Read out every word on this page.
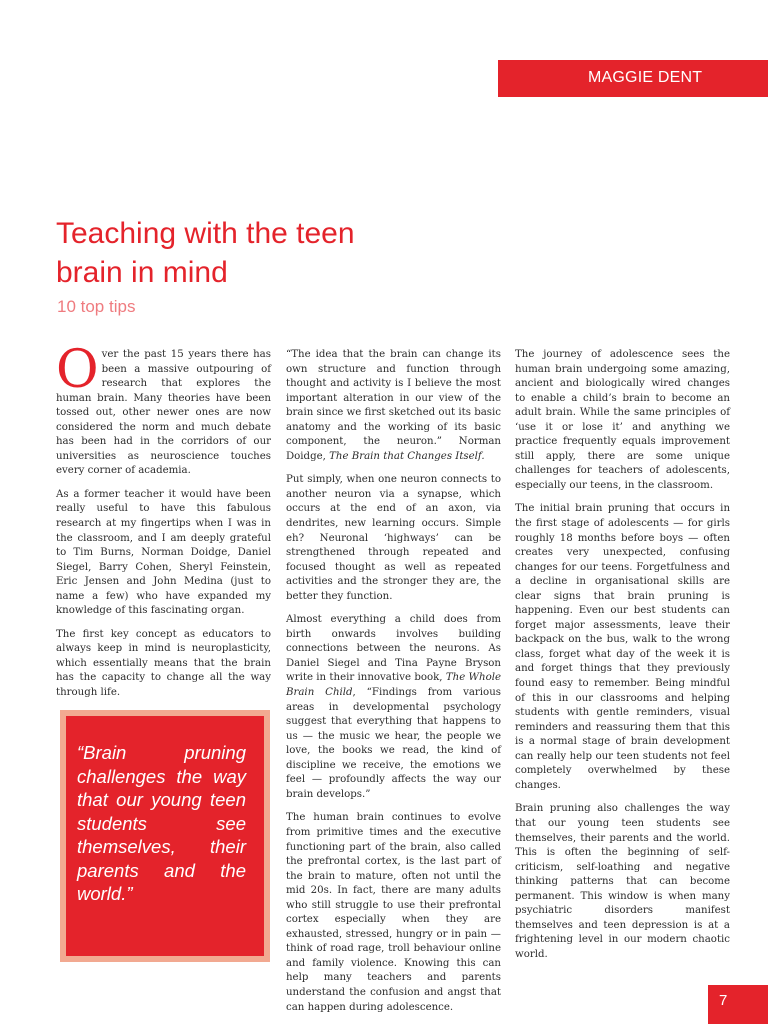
MAGGIE DENT
Teaching with the teen brain in mind
10 top tips

Over the past 15 years there has been a massive outpouring of research that explores the human brain. Many theories have been tossed out, other newer ones are now considered the norm and much debate has been had in the corridors of our universities as neuroscience touches every corner of academia.

As a former teacher it would have been really useful to have this fabulous research at my fingertips when I was in the classroom, and I am deeply grateful to Tim Burns, Norman Doidge, Daniel Siegel, Barry Cohen, Sheryl Feinstein, Eric Jensen and John Medina (just to name a few) who have expanded my knowledge of this fascinating organ.

The first key concept as educators to always keep in mind is neuroplasticity, which essentially means that the brain has the capacity to change all the way through life.

“The idea that the brain can change its own structure and function through thought and activity is I believe the most important alteration in our view of the brain since we first sketched out its basic anatomy and the working of its basic component, the neuron.” Norman Doidge, The Brain that Changes Itself.

Put simply, when one neuron connects to another neuron via a synapse, which occurs at the end of an axon, via dendrites, new learning occurs. Simple eh? Neuronal ‘highways’ can be strengthened through repeated and focused thought as well as repeated activities and the stronger they are, the better they function.

Almost everything a child does from birth onwards involves building connections between the neurons. As Daniel Siegel and Tina Payne Bryson write in their innovative book, The Whole Brain Child, “Findings from various areas in developmental psychology suggest that everything that happens to us — the music we hear, the people we love, the books we read, the kind of discipline we receive, the emotions we feel — profoundly affects the way our brain develops.”

The human brain continues to evolve from primitive times and the executive functioning part of the brain, also called the prefrontal cortex, is the last part of the brain to mature, often not until the mid 20s. In fact, there are many adults who still struggle to use their prefrontal cortex especially when they are exhausted, stressed, hungry or in pain — think of road rage, troll behaviour online and family violence. Knowing this can help many teachers and parents understand the confusion and angst that can happen during adolescence.

The journey of adolescence sees the human brain undergoing some amazing, ancient and biologically wired changes to enable a child’s brain to become an adult brain. While the same principles of ‘use it or lose it’ and anything we practice frequently equals improvement still apply, there are some unique challenges for teachers of adolescents, especially our teens, in the classroom.

The initial brain pruning that occurs in the first stage of adolescents — for girls roughly 18 months before boys — often creates very unexpected, confusing changes for our teens. Forgetfulness and a decline in organisational skills are clear signs that brain pruning is happening. Even our best students can forget major assessments, leave their backpack on the bus, walk to the wrong class, forget what day of the week it is and forget things that they previously found easy to remember. Being mindful of this in our classrooms and helping students with gentle reminders, visual reminders and reassuring them that this is a normal stage of brain development can really help our teen students not feel completely overwhelmed by these changes.

Brain pruning also challenges the way that our young teen students see themselves, their parents and the world. This is often the beginning of self-criticism, self-loathing and negative thinking patterns that can become permanent. This window is when many psychiatric disorders manifest themselves and teen depression is at a frightening level in our modern chaotic world.

“Brain pruning challenges the way that our young teen students see themselves, their parents and the world.”

7
